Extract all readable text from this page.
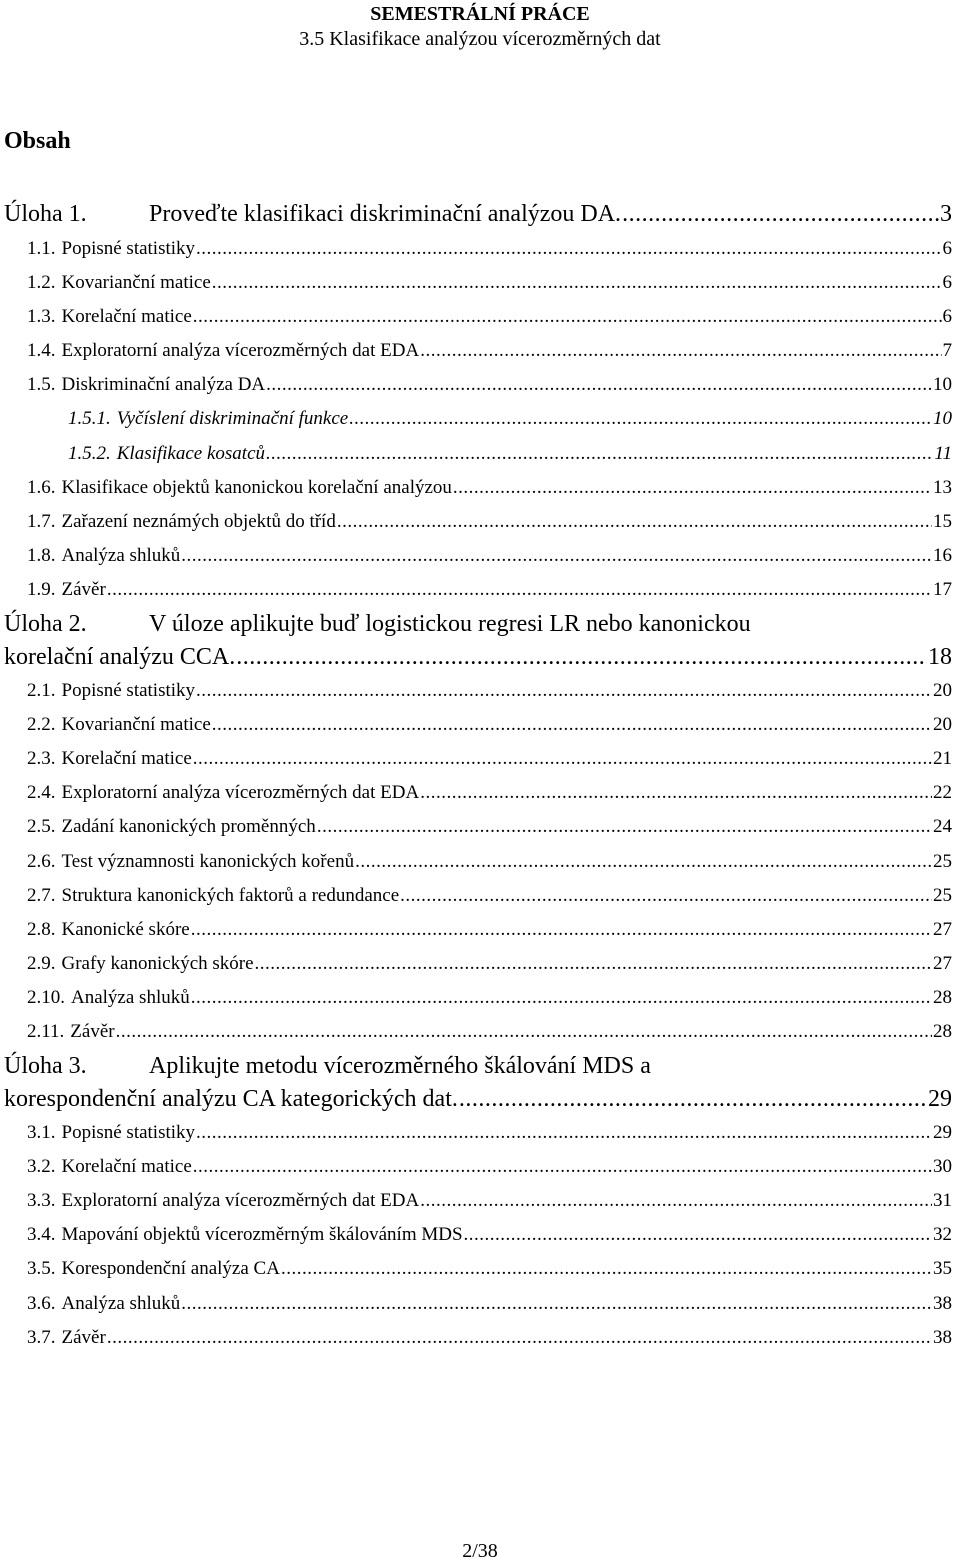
SEMESTRÁLNÍ PRÁCE
3.5 Klasifikace analýzou vícerozměrných dat
Obsah
Úloha 1.	Proveďte klasifikaci diskriminační analýzou DA. .....	3
1.1. Popisné statistiky .....	6
1.2. Kovarianční matice .....	6
1.3. Korelační matice .....	6
1.4. Exploratorní analýza vícerozměrných dat EDA .....	7
1.5. Diskriminační analýza DA .....	10
1.5.1. Vyčíslení diskriminační funkce .....	10
1.5.2. Klasifikace kosatců .....	11
1.6. Klasifikace objektů kanonickou korelační analýzou .....	13
1.7. Zařazení neznámých objektů do tříd .....	15
1.8. Analýza shluků .....	16
1.9. Závěr .....	17
Úloha 2.	V úloze aplikujte buď logistickou regresi LR nebo kanonickou
korelační analýzu CCA. .....	18
2.1. Popisné statistiky .....	20
2.2. Kovarianční matice .....	20
2.3. Korelační matice .....	21
2.4. Exploratorní analýza vícerozměrných dat EDA .....	22
2.5. Zadání kanonických proměnných .....	24
2.6. Test významnosti kanonických kořenů .....	25
2.7. Struktura kanonických faktorů a redundance .....	25
2.8. Kanonické skóre .....	27
2.9. Grafy kanonických skóre .....	27
2.10. Analýza shluků .....	28
2.11. Závěr .....	28
Úloha 3.	Aplikujte metodu vícerozměrného škálování MDS a
korespondenční analýzu CA kategorických dat. .....	29
3.1. Popisné statistiky .....	29
3.2. Korelační matice .....	30
3.3. Exploratorní analýza vícerozměrných dat EDA .....	31
3.4. Mapování objektů vícerozměrným škálováním MDS .....	32
3.5. Korespondenční analýza CA .....	35
3.6. Analýza shluků .....	38
3.7. Závěr .....	38
2/38
